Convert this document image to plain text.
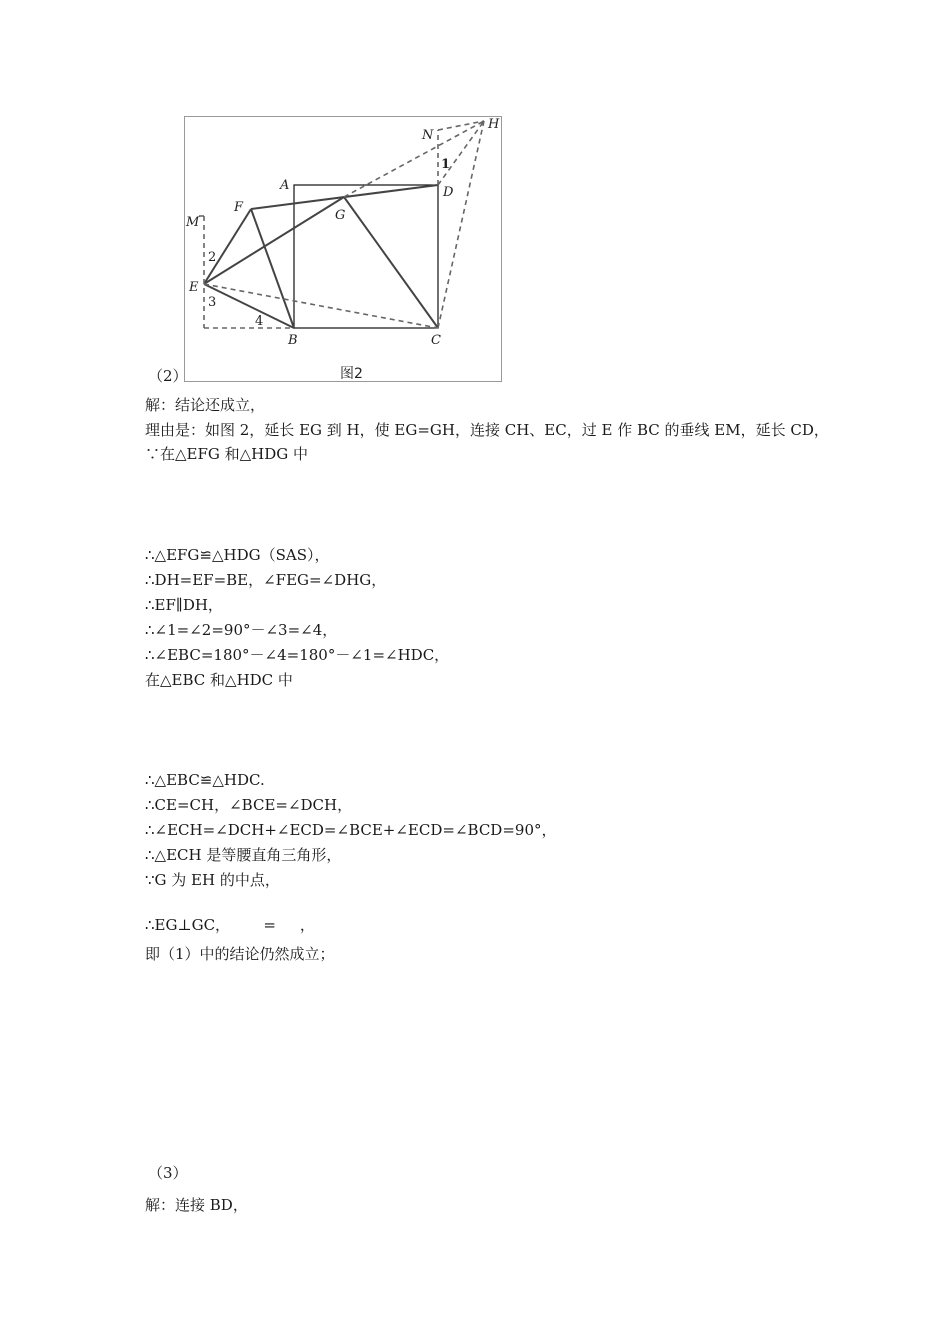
A
B	C
D
E
F
G
H
M
N
1
2
3
4
图2
（2）
解：结论还成立，
理由是：如图 2，延长 EG 到 H，使 EG=GH，连接 CH、EC，过 E 作 BC 的垂线 EM，延长 CD，
∵在△EFG 和△HDG 中
∴△EFG≌△HDG（SAS），
∴DH=EF=BE，∠FEG=∠DHG，
∴EF∥DH，
∴∠1=∠2=90°－∠3=∠4，
∴∠EBC=180°－∠4=180°－∠1=∠HDC，
在△EBC 和△HDC 中
∴△EBC≌△HDC.
∴CE=CH，∠BCE=∠DCH，
∴∠ECH=∠DCH+∠ECD=∠BCE+∠ECD=∠BCD=90°，
∴△ECH 是等腰直角三角形，
∵G 为 EH 的中点，
∴EG⊥GC，       =     ，
即（1）中的结论仍然成立；
（3）
解：连接 BD，
